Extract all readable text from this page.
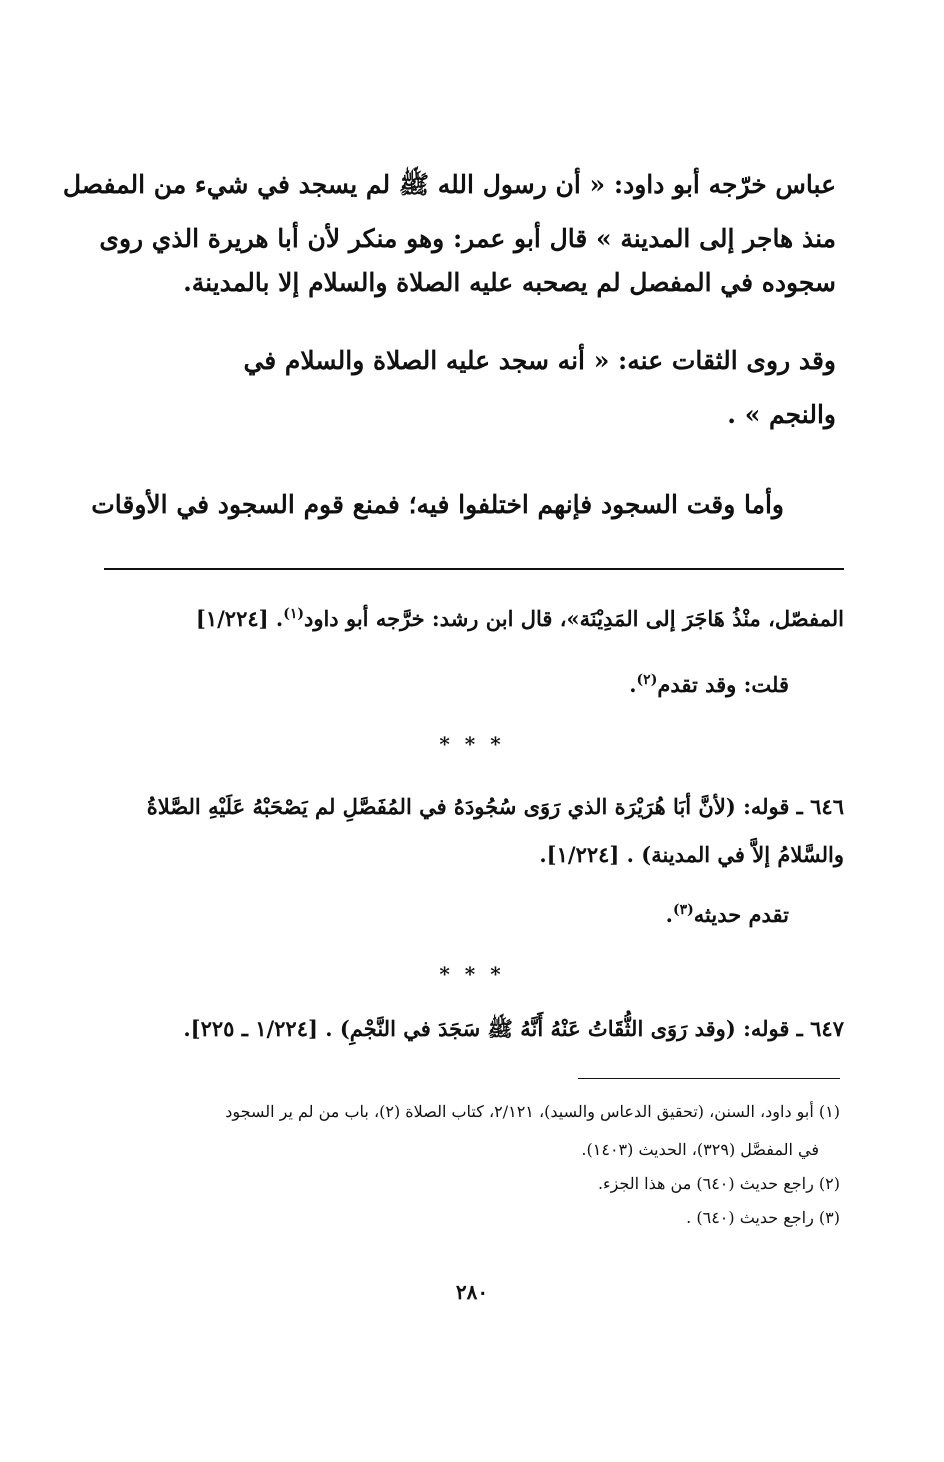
عباس خرّجه أبو داود: « أن رسول الله ﷺ لم يسجد في شيء من المفصل
منذ هاجر إلى المدينة » قال أبو عمر: وهو منكر لأن أبا هريرة الذي روى
سجوده في المفصل لم يصحبه عليه الصلاة والسلام إلا بالمدينة.
وقد روى الثقات عنه: « أنه سجد عليه الصلاة والسلام في
والنجم » .
وأما وقت السجود فإنهم اختلفوا فيه؛ فمنع قوم السجود في الأوقات
المفصّل، منْذُ هَاجَرَ إلى المَدِيْنَة»، قال ابن رشد: خرَّجه أبو داود$^{(١)}$. [١/٢٢٤]
قلت: وقد تقدم$^{(٢)}$.
* * *
٦٤٦ ـ قوله: (لأنَّ أبَا هُرَيْرَة الذي رَوَى سُجُودَهُ في المُفَصَّلِ لم يَصْحَبْهُ عَلَيْهِ الصَّلاةُ
والسَّلامُ إلاَّ في المدينة) . [١/٢٢٤].
تقدم حديثه$^{(٣)}$.
* * *
٦٤٧ ـ قوله: (وقد رَوَى الثُّقَاتُ عَنْهُ أَنَّهُ ﷺ سَجَدَ في النَّجْمِ) . [١/٢٢٤ ـ ٢٢٥].
(١) أبو داود، السنن، (تحقيق الدعاس والسيد)، ٢/١٢١، كتاب الصلاة (٢)، باب من لم ير السجود
في المفصَّل (٣٢٩)، الحديث (١٤٠٣).
(٢) راجع حديث (٦٤٠) من هذا الجزء.
(٣) راجع حديث (٦٤٠) .
٢٨٠
